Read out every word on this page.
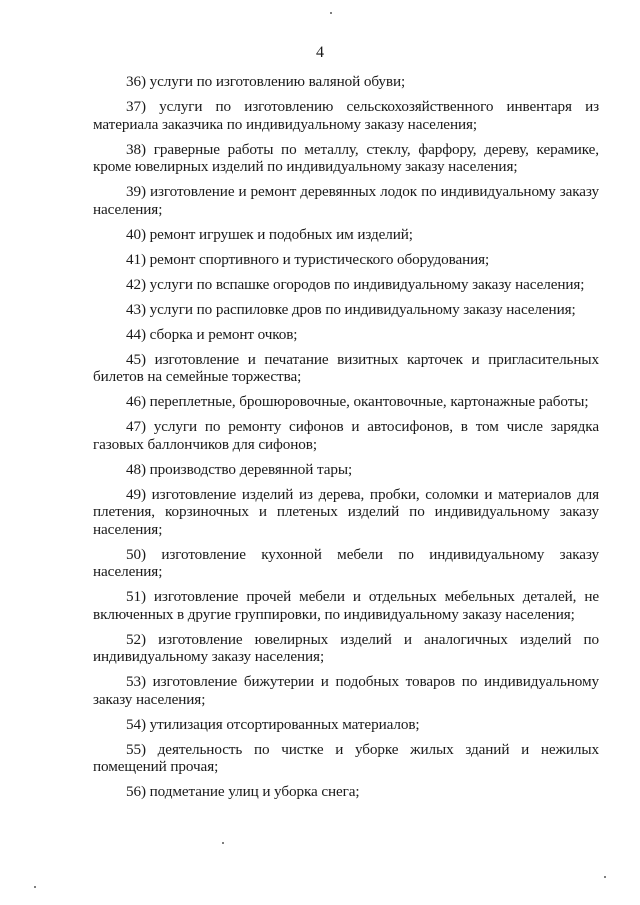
4

36) услуги по изготовлению валяной обуви;

37) услуги по изготовлению сельскохозяйственного инвентаря из материала заказчика по индивидуальному заказу населения;

38) граверные работы по металлу, стеклу, фарфору, дереву, керамике, кроме ювелирных изделий по индивидуальному заказу населения;

39) изготовление и ремонт деревянных лодок по индивидуальному заказу населения;

40) ремонт игрушек и подобных им изделий;

41) ремонт спортивного и туристического оборудования;

42) услуги по вспашке огородов по индивидуальному заказу населения;

43) услуги по распиловке дров по индивидуальному заказу населения;

44) сборка и ремонт очков;

45) изготовление и печатание визитных карточек и пригласительных билетов на семейные торжества;

46) переплетные, брошюровочные, окантовочные, картонажные работы;

47) услуги по ремонту сифонов и автосифонов, в том числе зарядка газовых баллончиков для сифонов;

48) производство деревянной тары;

49) изготовление изделий из дерева, пробки, соломки и материалов для плетения, корзиночных и плетеных изделий по индивидуальному заказу населения;

50) изготовление кухонной мебели по индивидуальному заказу населения;

51) изготовление прочей мебели и отдельных мебельных деталей, не включенных в другие группировки, по индивидуальному заказу населения;

52) изготовление ювелирных изделий и аналогичных изделий по индивидуальному заказу населения;

53) изготовление бижутерии и подобных товаров по индивидуальному заказу населения;

54) утилизация отсортированных материалов;

55) деятельность по чистке и уборке жилых зданий и нежилых помещений прочая;

56) подметание улиц и уборка снега;
